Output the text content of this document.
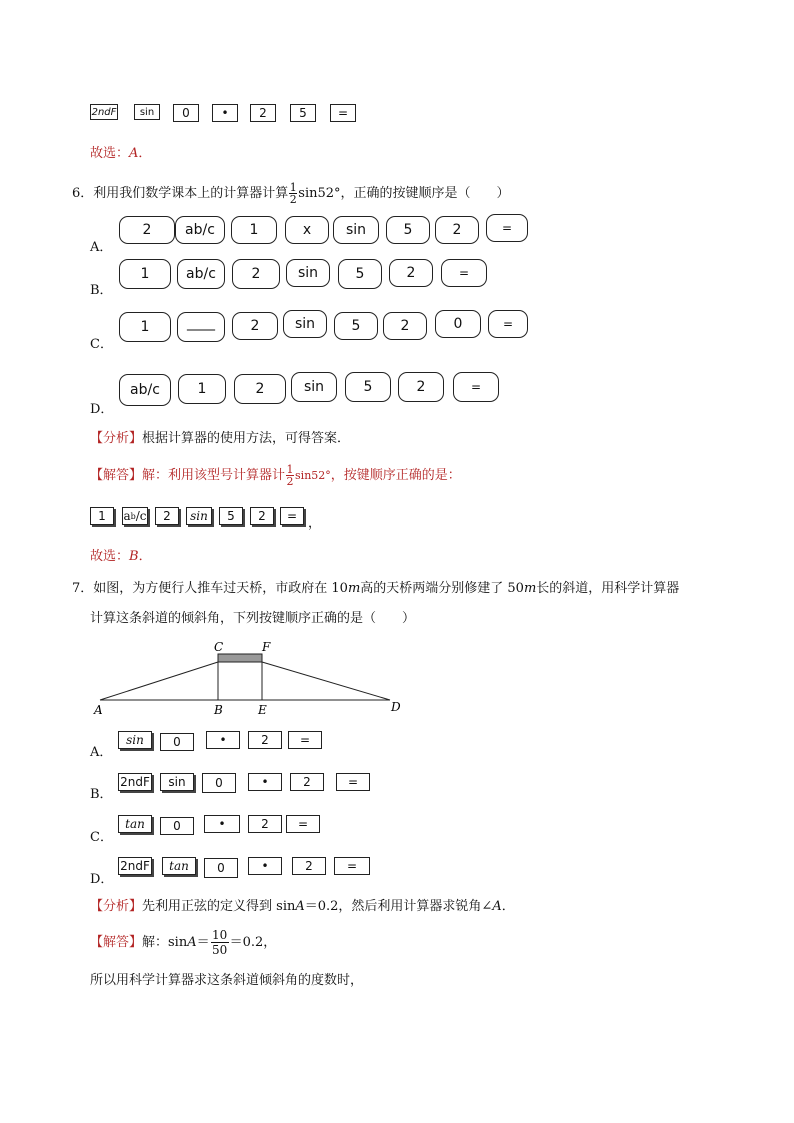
2ndF	sin	0	•	2	5	=
故选：A．
6．利用我们数学课本上的计算器计算 $\frac{1}{2} \sin 52^\circ$，正确的按键顺序是（　　）
A．
2	ab/c	1	x	sin	5	2	=
B．
1	ab/c	2	sin	5	2	=
C．
1	____	2	sin	5	2	0	=
D．
ab/c	1	2	sin	5	2	=
【分析】根据计算器的使用方法，可得答案．
【解答】解：利用该型号计算器计 $\frac{1}{2} \sin 52^\circ$，按键顺序正确的是：
1	a b /c	2	sin	5	2	= ，
故选：B．
7．如图，为方便行人推车过天桥，市政府在 10m高的天桥两端分别修建了 50m长的斜道，用科学计算器
计算这条斜道的倾斜角，下列按键顺序正确的是（　　）
C	F
A	B	E	D
A．
sin	0	•	2	=
B．
2ndF	sin	0	•	2	=
C．
tan	0	•	2	=
D．
2ndF	tan	0	•	2	=
【分析】先利用正弦的定义得到 sinA＝0.2，然后利用计算器求锐角∠A．
【解答】解：$\sin A= \frac{10}{50} =0.2$，
所以用科学计算器求这条斜道倾斜角的度数时，
